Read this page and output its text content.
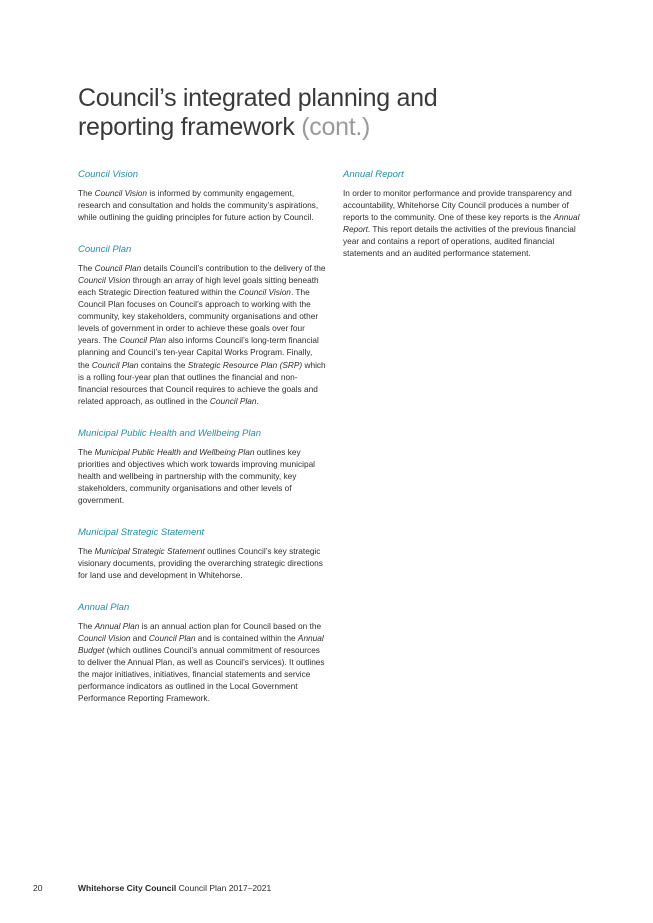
Council’s integrated planning and reporting framework (cont.)

Council Vision

The Council Vision is informed by community engagement, research and consultation and holds the community’s aspirations, while outlining the guiding principles for future action by Council.

Council Plan

The Council Plan details Council’s contribution to the delivery of the Council Vision through an array of high level goals sitting beneath each Strategic Direction featured within the Council Vision. The Council Plan focuses on Council’s approach to working with the community, key stakeholders, community organisations and other levels of government in order to achieve these goals over four years. The Council Plan also informs Council’s long-term financial planning and Council’s ten-year Capital Works Program. Finally, the Council Plan contains the Strategic Resource Plan (SRP) which is a rolling four-year plan that outlines the financial and non-financial resources that Council requires to achieve the goals and related approach, as outlined in the Council Plan.

Municipal Public Health and Wellbeing Plan

The Municipal Public Health and Wellbeing Plan outlines key priorities and objectives which work towards improving municipal health and wellbeing in partnership with the community, key stakeholders, community organisations and other levels of government.

Municipal Strategic Statement

The Municipal Strategic Statement outlines Council’s key strategic visionary documents, providing the overarching strategic directions for land use and development in Whitehorse.

Annual Plan

The Annual Plan is an annual action plan for Council based on the Council Vision and Council Plan and is contained within the Annual Budget (which outlines Council’s annual commitment of resources to deliver the Annual Plan, as well as Council’s services). It outlines the major initiatives, initiatives, financial statements and service performance indicators as outlined in the Local Government Performance Reporting Framework.

Annual Report

In order to monitor performance and provide transparency and accountability, Whitehorse City Council produces a number of reports to the community. One of these key reports is the Annual Report. This report details the activities of the previous financial year and contains a report of operations, audited financial statements and an audited performance statement.

20	Whitehorse City Council Council Plan 2017–2021
